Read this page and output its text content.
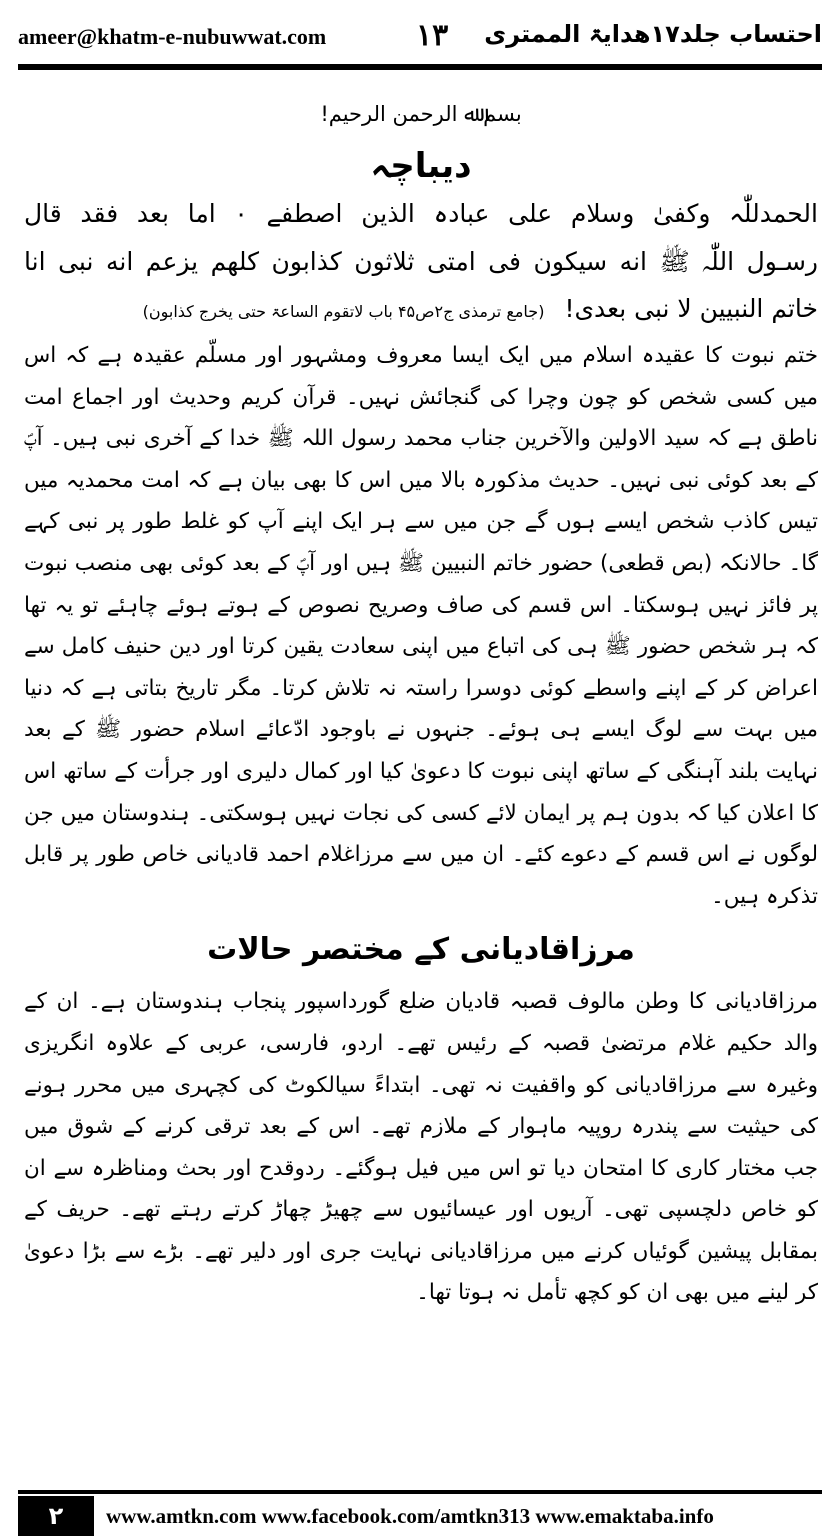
ameer@khatm-e-nubuwwat.com	۱۳ احتساب جلد۱۷ھدایۃ الممتری

بسم ﷲ الرحمن الرحیم!

دیباچہ

الحمدللّٰہ وکفیٰ وسلام علی عبادہ الذین اصطفے ۰ اما بعد فقد قال

رسـول اللّٰہ ﷺ انه سیکون فی امتی ثلاثون کذابون کلهم یزعم انه نبی انا

خاتم النبیین لا نبی بعدی!(جامع ترمذی ج۲ص۴۵ باب لاتقوم الساعۃ حتی یخرج کذابون)

ختم نبوت کا عقیدہ اسلام میں ایک ایسا معروف ومشہور اور مسلّم عقیدہ ہے کہ اس میں کسی شخص کو چون وچرا کی گنجائش نہیں۔ قرآن کریم وحدیث اور اجماع امت ناطق ہے کہ سید الاولین والآخرین جناب محمد رسول اللہ ﷺ خدا کے آخری نبی ہیں۔ آپؐ کے بعد کوئی نبی نہیں۔ حدیث مذکورہ بالا میں اس کا بھی بیان ہے کہ امت محمدیہ میں تیس کاذب شخص ایسے ہوں گے جن میں سے ہر ایک اپنے آپ کو غلط طور پر نبی کہے گا۔ حالانکہ (بص قطعی) حضور خاتم النبیین ﷺ ہیں اور آپؐ کے بعد کوئی بھی منصب نبوت پر فائز نہیں ہوسکتا۔ اس قسم کی صاف وصریح نصوص کے ہوتے ہوئے چاہئے تو یہ تھا کہ ہر شخص حضور ﷺ ہی کی اتباع میں اپنی سعادت یقین کرتا اور دین حنیف کامل سے اعراض کر کے اپنے واسطے کوئی دوسرا راستہ نہ تلاش کرتا۔ مگر تاریخ بتاتی ہے کہ دنیا میں بہت سے لوگ ایسے ہی ہوئے۔ جنہوں نے باوجود ادّعائے اسلام حضور ﷺ کے بعد نہایت بلند آہنگی کے ساتھ اپنی نبوت کا دعویٰ کیا اور کمال دلیری اور جرأت کے ساتھ اس کا اعلان کیا کہ بدون ہم پر ایمان لائے کسی کی نجات نہیں ہوسکتی۔ ہندوستان میں جن لوگوں نے اس قسم کے دعوے کئے۔ ان میں سے مرزاغلام احمد قادیانی خاص طور پر قابل تذکرہ ہیں۔

مرزاقادیانی کے مختصر حالات

مرزاقادیانی کا وطن مالوف قصبہ قادیان ضلع گورداسپور پنجاب ہندوستان ہے۔ ان کے والد حکیم غلام مرتضیٰ قصبہ کے رئیس تھے۔ اردو، فارسی، عربی کے علاوہ انگریزی وغیرہ سے مرزاقادیانی کو واقفیت نہ تھی۔ ابتداءً سیالکوٹ کی کچہری میں محرر ہونے کی حیثیت سے پندرہ روپیہ ماہوار کے ملازم تھے۔ اس کے بعد ترقی کرنے کے شوق میں جب مختار کاری کا امتحان دیا تو اس میں فیل ہوگئے۔ ردوقدح اور بحث ومناظرہ سے ان کو خاص دلچسپی تھی۔ آریوں اور عیسائیوں سے چھیڑ چھاڑ کرتے رہتے تھے۔ حریف کے بمقابل پیشین گوئیاں کرنے میں مرزاقادیانی نہایت جری اور دلیر تھے۔ بڑے سے بڑا دعویٰ کر لینے میں بھی ان کو کچھ تأمل نہ ہوتا تھا۔

۲	www.amtkn.com www.facebook.com/amtkn313 www.emaktaba.info
